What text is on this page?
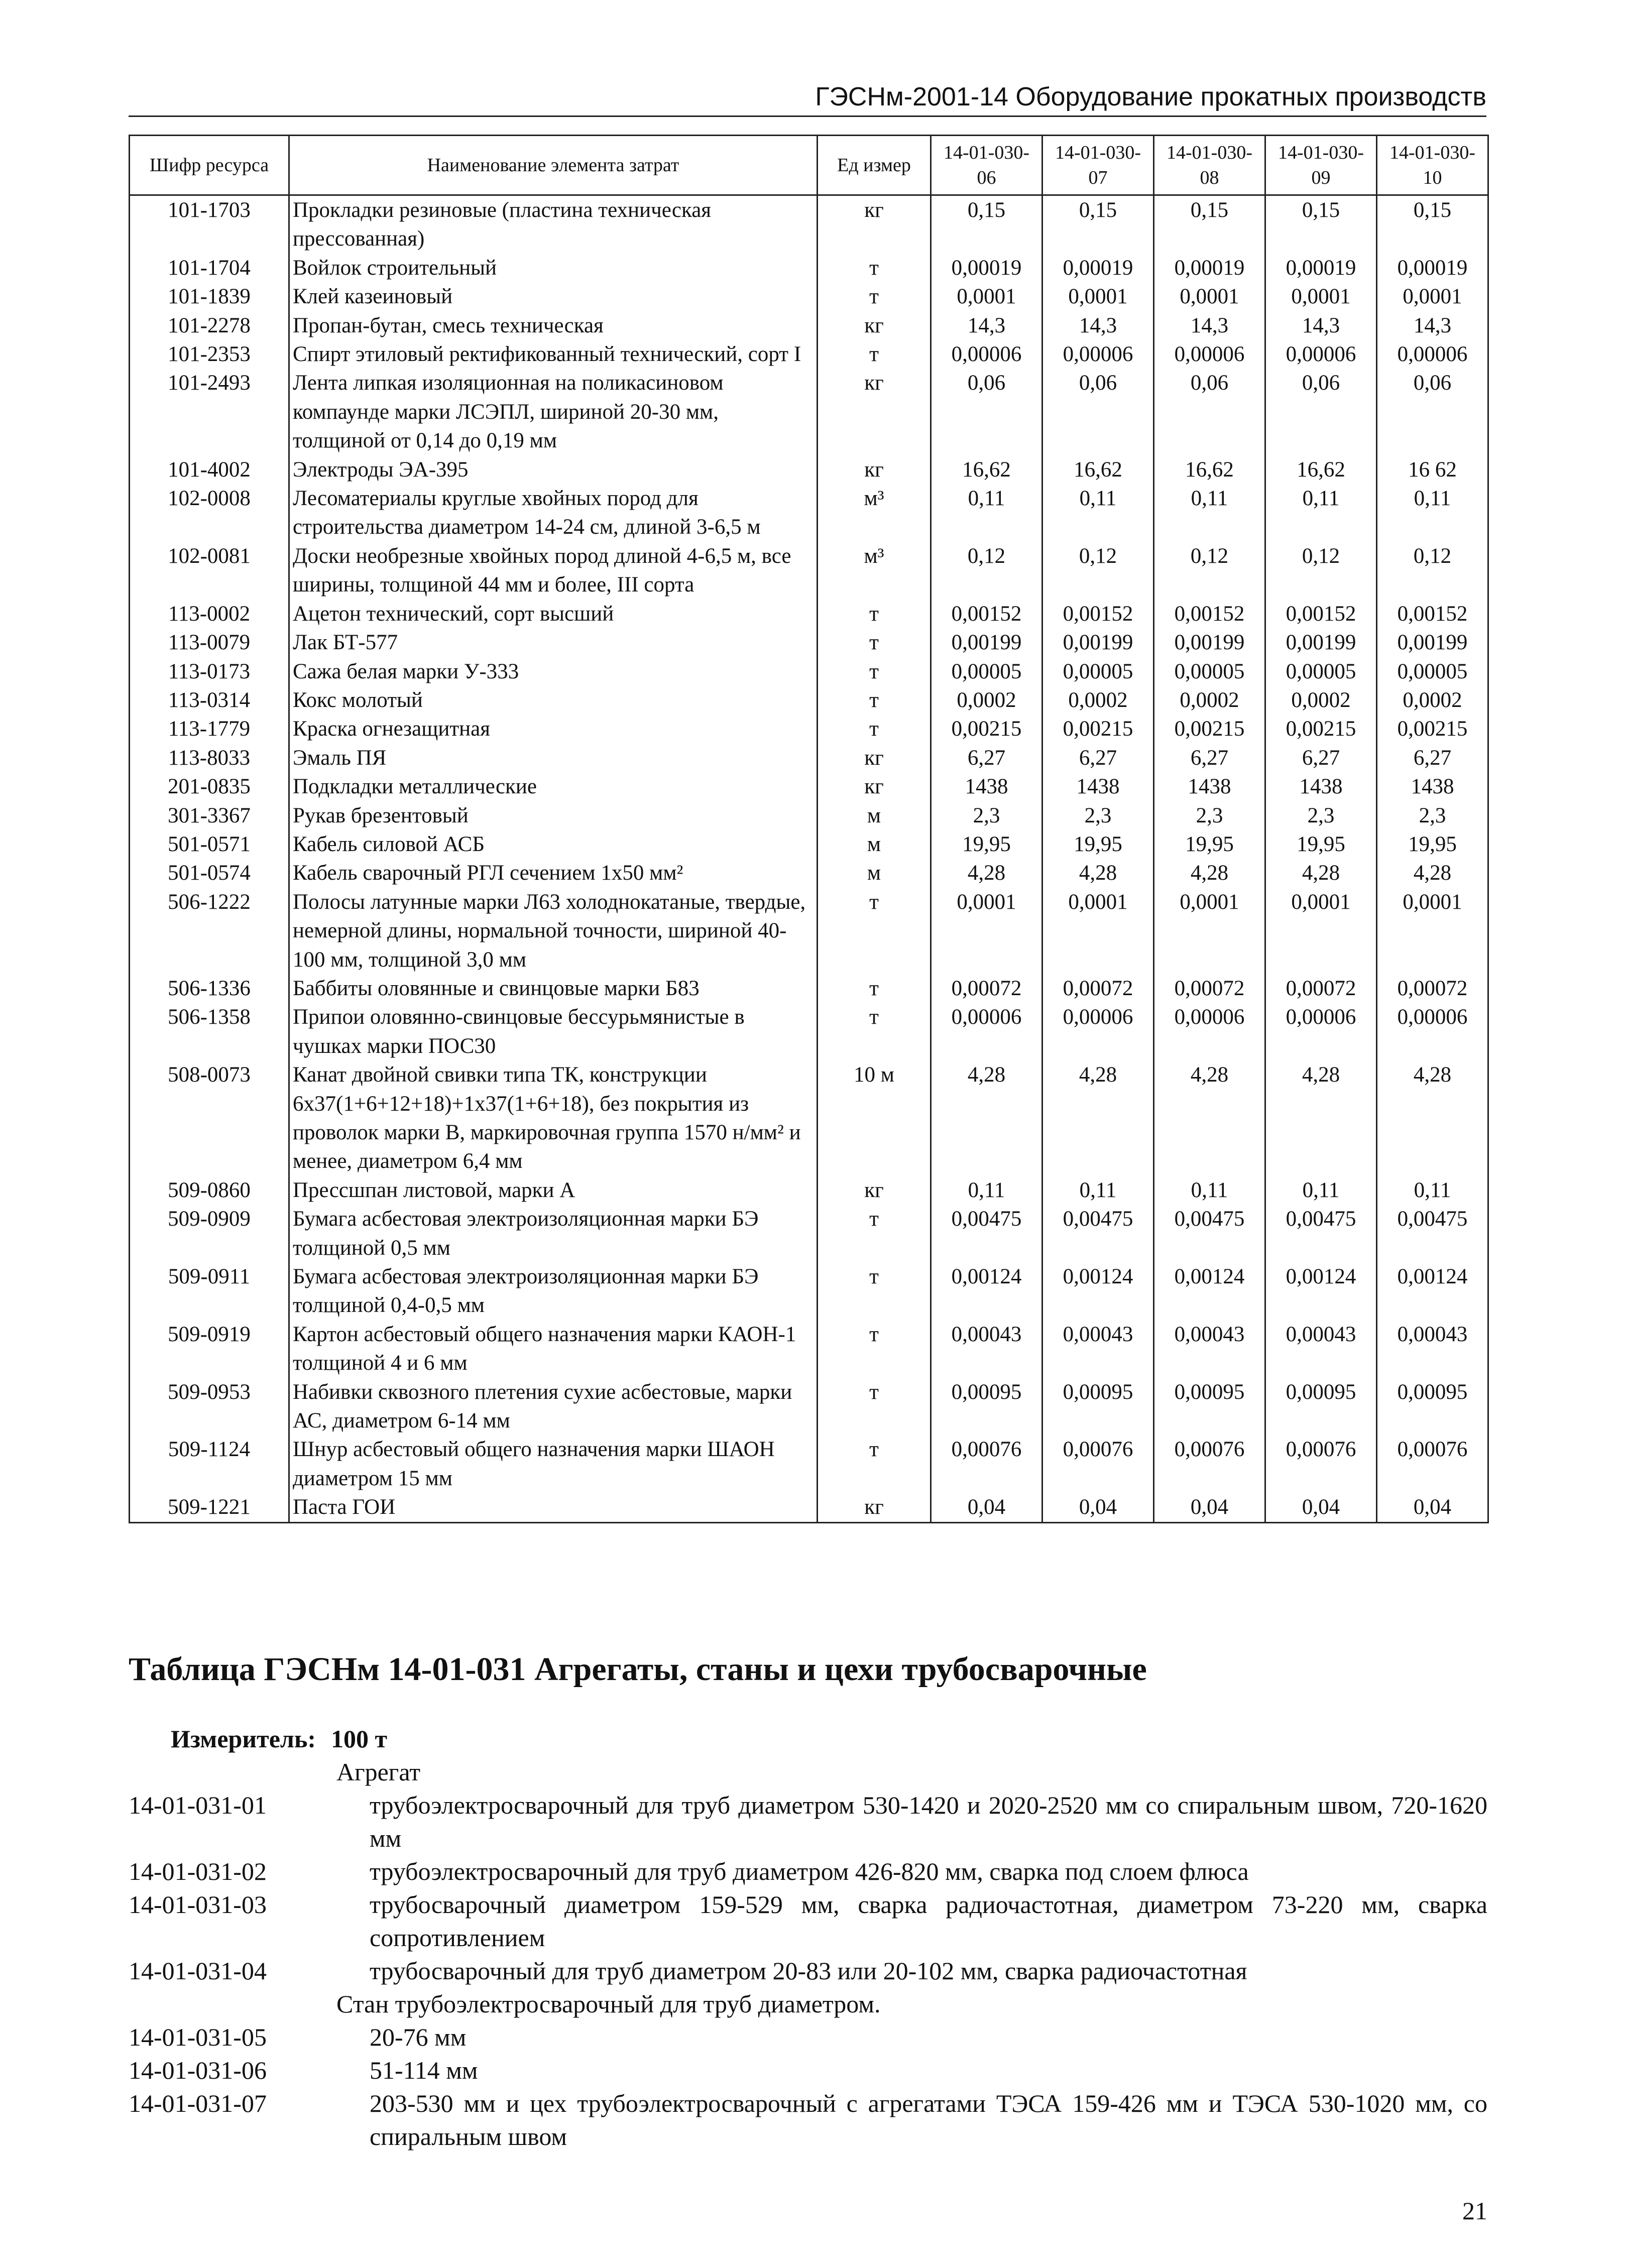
ГЭСНм-2001-14 Оборудование прокатных производств
Шифр ресурса	Наименование элемента затрат	Ед измер	14-01-030-06	14-01-030-07	14-01-030-08	14-01-030-09	14-01-030-10
101-1703	Прокладки резиновые (пластина техническая прессованная)	кг	0,15	0,15	0,15	0,15	0,15
101-1704	Войлок строительный	т	0,00019	0,00019	0,00019	0,00019	0,00019
101-1839	Клей казеиновый	т	0,0001	0,0001	0,0001	0,0001	0,0001
101-2278	Пропан-бутан, смесь техническая	кг	14,3	14,3	14,3	14,3	14,3
101-2353	Спирт этиловый ректификованный технический, сорт I	т	0,00006	0,00006	0,00006	0,00006	0,00006
101-2493	Лента липкая изоляционная на поликасиновом компаунде марки ЛСЭПЛ, шириной 20-30 мм, толщиной от 0,14 до 0,19 мм	кг	0,06	0,06	0,06	0,06	0,06
101-4002	Электроды ЭА-395	кг	16,62	16,62	16,62	16,62	16 62
102-0008	Лесоматериалы круглые хвойных пород для строительства диаметром 14-24 см, длиной 3-6,5 м	м³	0,11	0,11	0,11	0,11	0,11
102-0081	Доски необрезные хвойных пород длиной 4-6,5 м, все ширины, толщиной 44 мм и более, III сорта	м³	0,12	0,12	0,12	0,12	0,12
113-0002	Ацетон технический, сорт высший	т	0,00152	0,00152	0,00152	0,00152	0,00152
113-0079	Лак БТ-577	т	0,00199	0,00199	0,00199	0,00199	0,00199
113-0173	Сажа белая марки У-333	т	0,00005	0,00005	0,00005	0,00005	0,00005
113-0314	Кокс молотый	т	0,0002	0,0002	0,0002	0,0002	0,0002
113-1779	Краска огнезащитная	т	0,00215	0,00215	0,00215	0,00215	0,00215
113-8033	Эмаль ПЯ	кг	6,27	6,27	6,27	6,27	6,27
201-0835	Подкладки металлические	кг	1438	1438	1438	1438	1438
301-3367	Рукав брезентовый	м	2,3	2,3	2,3	2,3	2,3
501-0571	Кабель силовой АСБ	м	19,95	19,95	19,95	19,95	19,95
501-0574	Кабель сварочный РГЛ сечением 1х50 мм²	м	4,28	4,28	4,28	4,28	4,28
506-1222	Полосы латунные марки Л63 холоднокатаные, твердые, немерной длины, нормальной точности, шириной 40-100 мм, толщиной 3,0 мм	т	0,0001	0,0001	0,0001	0,0001	0,0001
506-1336	Баббиты оловянные и свинцовые марки Б83	т	0,00072	0,00072	0,00072	0,00072	0,00072
506-1358	Припои оловянно-свинцовые бессурьмянистые в чушках марки ПОС30	т	0,00006	0,00006	0,00006	0,00006	0,00006
508-0073	Канат двойной свивки типа ТК, конструкции 6х37(1+6+12+18)+1х37(1+6+18), без покрытия из проволок марки В, маркировочная группа 1570 н/мм² и менее, диаметром 6,4 мм	10 м	4,28	4,28	4,28	4,28	4,28
509-0860	Прессшпан листовой, марки А	кг	0,11	0,11	0,11	0,11	0,11
509-0909	Бумага асбестовая электроизоляционная марки БЭ толщиной 0,5 мм	т	0,00475	0,00475	0,00475	0,00475	0,00475
509-0911	Бумага асбестовая электроизоляционная марки БЭ толщиной 0,4-0,5 мм	т	0,00124	0,00124	0,00124	0,00124	0,00124
509-0919	Картон асбестовый общего назначения марки КАОН-1 толщиной 4 и 6 мм	т	0,00043	0,00043	0,00043	0,00043	0,00043
509-0953	Набивки сквозного плетения сухие асбестовые, марки АС, диаметром 6-14 мм	т	0,00095	0,00095	0,00095	0,00095	0,00095
509-1124	Шнур асбестовый общего назначения марки ШАОН диаметром 15 мм	т	0,00076	0,00076	0,00076	0,00076	0,00076
509-1221	Паста ГОИ	кг	0,04	0,04	0,04	0,04	0,04
Таблица ГЭСНм 14-01-031 Агрегаты, станы и цехи трубосварочные
Измеритель: 100 т
Агрегат
14-01-031-01	трубоэлектросварочный для труб диаметром 530-1420 и 2020-2520 мм со спиральным швом, 720-1620 мм
14-01-031-02	трубоэлектросварочный для труб диаметром 426-820 мм, сварка под слоем флюса
14-01-031-03	трубосварочный диаметром 159-529 мм, сварка радиочастотная, диаметром 73-220 мм, сварка сопротивлением
14-01-031-04	трубосварочный для труб диаметром 20-83 или 20-102 мм, сварка радиочастотная
Стан трубоэлектросварочный для труб диаметром.
14-01-031-05	20-76 мм
14-01-031-06	51-114 мм
14-01-031-07	203-530 мм и цех трубоэлектросварочный с агрегатами ТЭСА 159-426 мм и ТЭСА 530-1020 мм, со спиральным швом
21
